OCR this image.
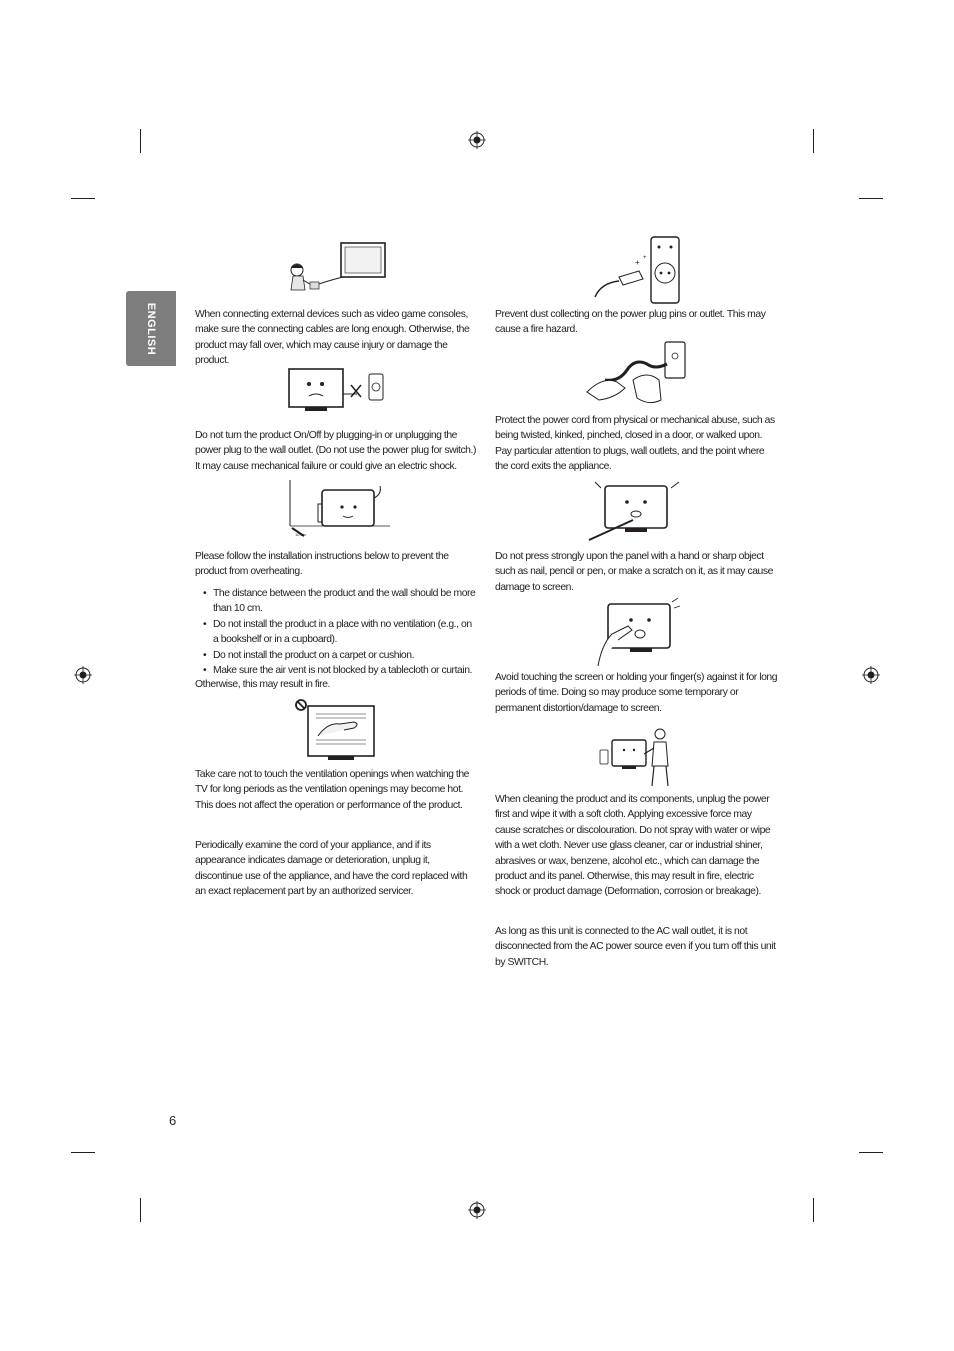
ENGLISH	When connecting external devices such as video game consoles, make sure the connecting cables are long enough. Otherwise, the product may fall over, which may cause injury or damage the product.

Do not turn the product On/Off by plugging-in or unplugging the power plug to the wall outlet. (Do not use the power plug for switch.) It may cause mechanical failure or could give an electric shock.

10 cm

Please follow the installation instructions below to prevent the product from overheating.

• The distance between the product and the wall should be more than 10 cm.
• Do not install the product in a place with no ventilation (e.g., on a bookshelf or in a cupboard).
• Do not install the product on a carpet or cushion.
• Make sure the air vent is not blocked by a tablecloth or curtain.

Otherwise, this may result in fire.

Take care not to touch the ventilation openings when watching the TV for long periods as the ventilation openings may become hot. This does not affect the operation or performance of the product.

Periodically examine the cord of your appliance, and if its appearance indicates damage or deterioration, unplug it, discontinue use of the appliance, and have the cord replaced with an exact replacement part by an authorized servicer.

+ +

Prevent dust collecting on the power plug pins or outlet. This may cause a fire hazard.

Protect the power cord from physical or mechanical abuse, such as being twisted, kinked, pinched, closed in a door, or walked upon. Pay particular attention to plugs, wall outlets, and the point where the cord exits the appliance.

Do not press strongly upon the panel with a hand or sharp object such as nail, pencil or pen, or make a scratch on it, as it may cause damage to screen.

Avoid touching the screen or holding your finger(s) against it for long periods of time. Doing so may produce some temporary or permanent distortion/damage to screen.

When cleaning the product and its components, unplug the power first and wipe it with a soft cloth. Applying excessive force may cause scratches or discolouration. Do not spray with water or wipe with a wet cloth. Never use glass cleaner, car or industrial shiner, abrasives or wax, benzene, alcohol etc., which can damage the product and its panel. Otherwise, this may result in fire, electric shock or product damage (Deformation, corrosion or breakage).

As long as this unit is connected to the AC wall outlet, it is not disconnected from the AC power source even if you turn off this unit by SWITCH.

6
